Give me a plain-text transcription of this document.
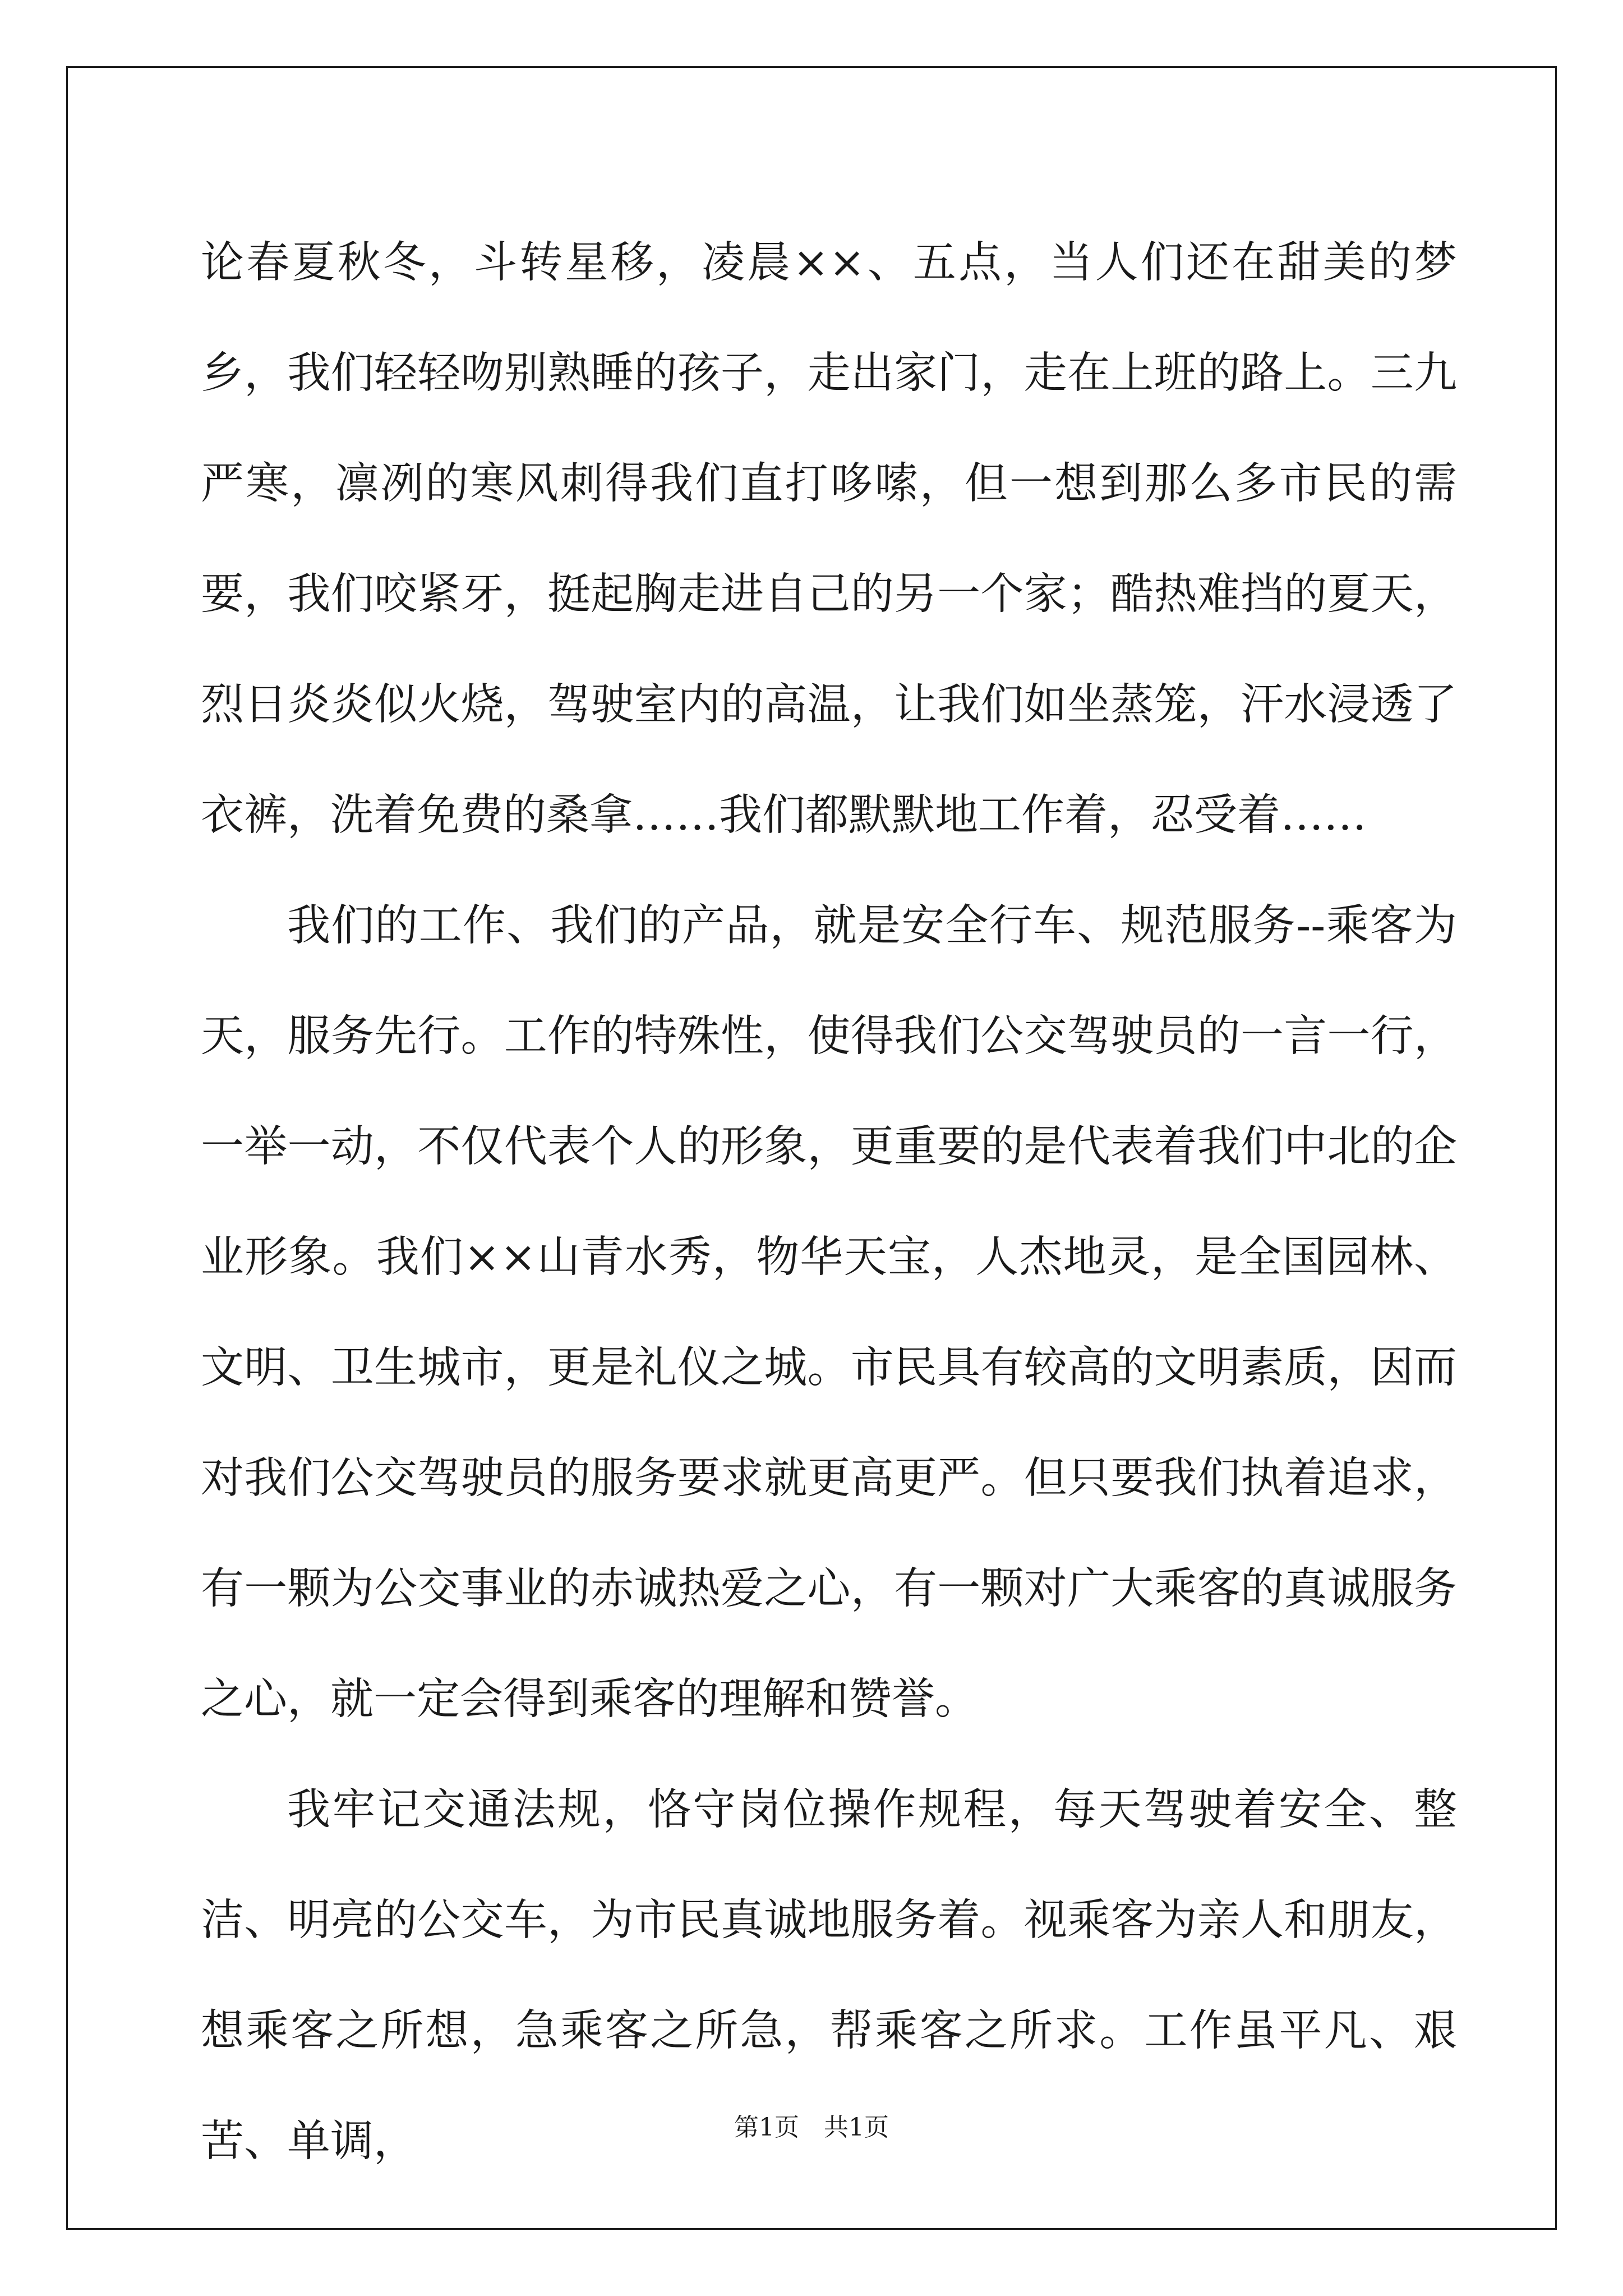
论春夏秋冬，斗转星移，凌晨××、五点，当人们还在甜美的梦乡，我们轻轻吻别熟睡的孩子，走出家门，走在上班的路上。三九严寒，凛冽的寒风刺得我们直打哆嗦，但一想到那么多市民的需要，我们咬紧牙，挺起胸走进自己的另一个家；酷热难挡的夏天，烈日炎炎似火烧，驾驶室内的高温，让我们如坐蒸笼，汗水浸透了衣裤，洗着免费的桑拿……我们都默默地工作着，忍受着……

我们的工作、我们的产品，就是安全行车、规范服务--乘客为天，服务先行。工作的特殊性，使得我们公交驾驶员的一言一行，一举一动，不仅代表个人的形象，更重要的是代表着我们中北的企业形象。我们××山青水秀，物华天宝，人杰地灵，是全国园林、文明、卫生城市，更是礼仪之城。市民具有较高的文明素质，因而对我们公交驾驶员的服务要求就更高更严。但只要我们执着追求，有一颗为公交事业的赤诚热爱之心，有一颗对广大乘客的真诚服务之心，就一定会得到乘客的理解和赞誉。

我牢记交通法规，恪守岗位操作规程，每天驾驶着安全、整洁、明亮的公交车，为市民真诚地服务着。视乘客为亲人和朋友，想乘客之所想，急乘客之所急，帮乘客之所求。工作虽平凡、艰苦、单调，	第1页　共1页
